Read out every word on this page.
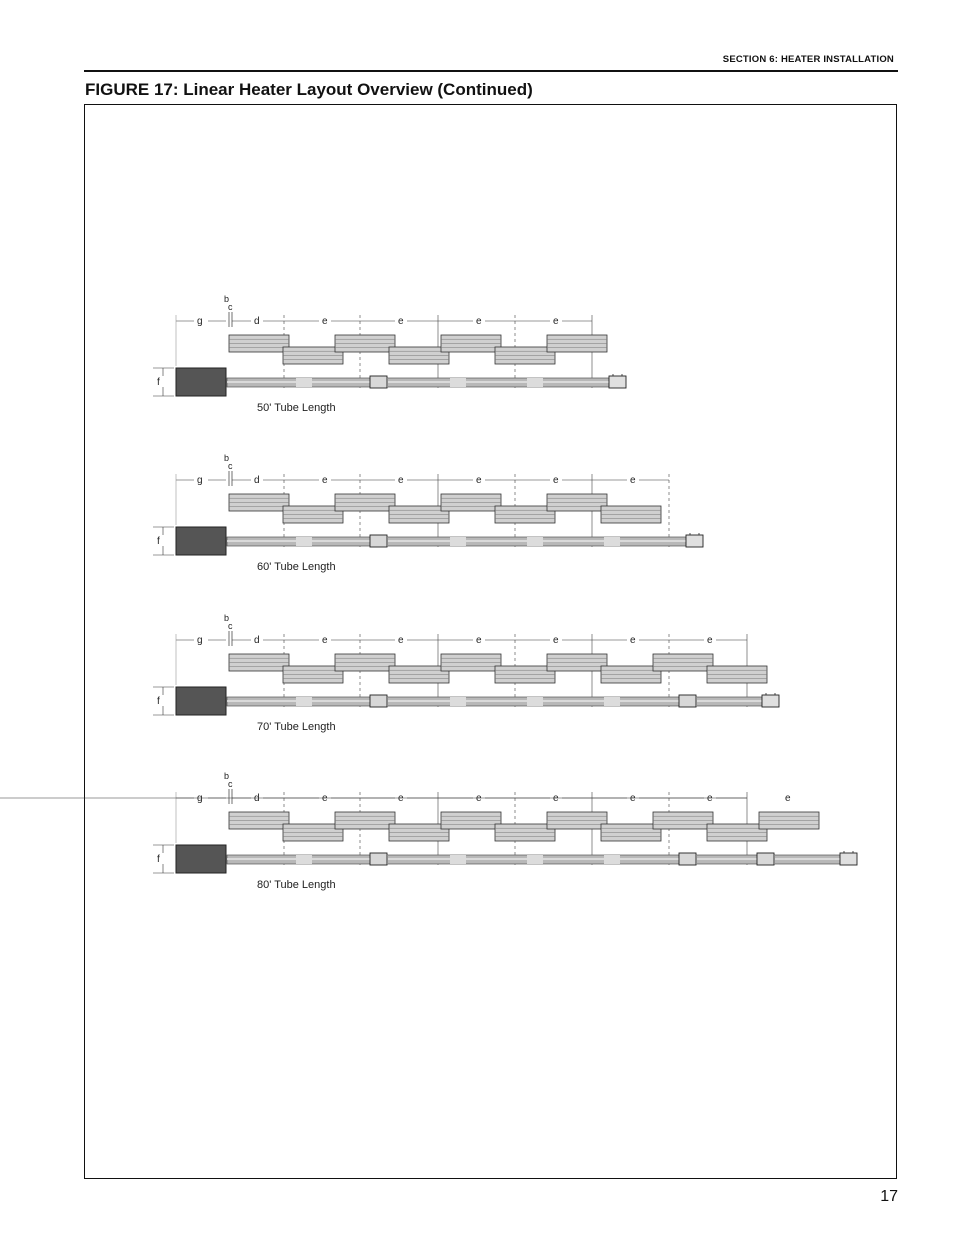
SECTION 6: HEATER INSTALLATION
FIGURE 17: Linear Heater Layout Overview (Continued)
b
c
g	d	e	e	e	e
f
50' Tube Length
b
c
g	d	e	e	e	e	e
f
60' Tube Length
b
c
g	d	e	e	e	e	e	e
f
70' Tube Length
b
c
g	d	e	e	e	e	e	e	e
f
80' Tube Length
17
